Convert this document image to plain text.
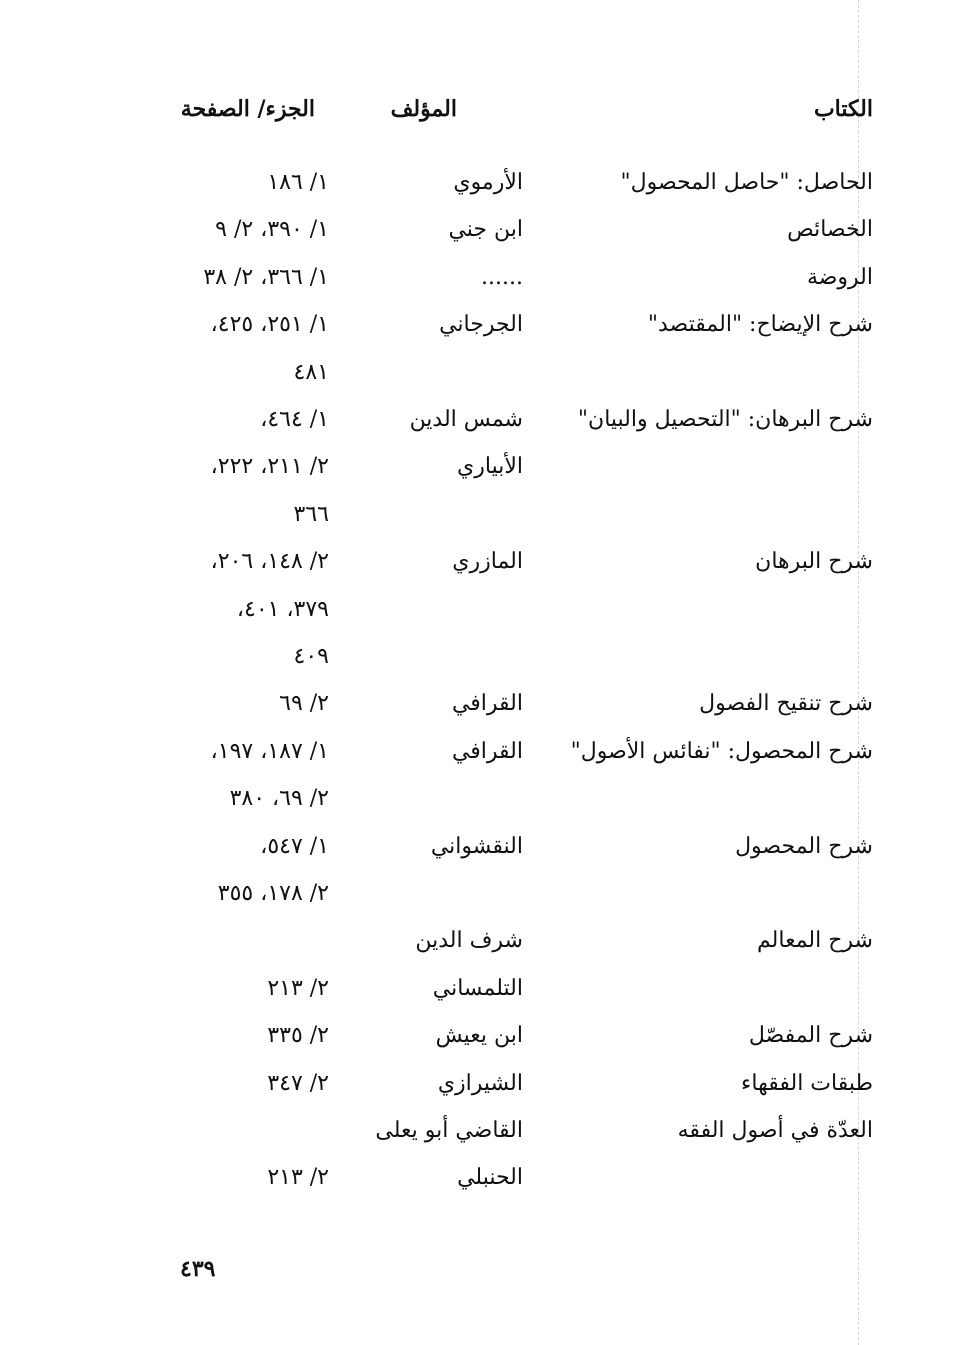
الكتاب
المؤلف
الجزء/ الصفحة
الحاصل: "حاصل المحصول"
الأرموي
١/ ١٨٦
الخصائص
ابن جني
١/ ٣٩٠، ٢/ ٩
الروضة
......
١/ ٣٦٦، ٢/ ٣٨
شرح الإيضاح: "المقتصد"
الجرجاني
١/ ٢٥١، ٤٢٥،
٤٨١
شرح البرهان: "التحصيل والبيان"
شمس الدين
١/ ٤٦٤،
الأبياري
٢/ ٢١١، ٢٢٢،
٣٦٦
شرح البرهان
المازري
٢/ ١٤٨، ٢٠٦،
٣٧٩، ٤٠١،
٤٠٩
شرح تنقيح الفصول
القرافي
٢/ ٦٩
شرح المحصول: "نفائس الأصول"
القرافي
١/ ١٨٧، ١٩٧،
٢/ ٦٩، ٣٨٠
شرح المحصول
النقشواني
١/ ٥٤٧،
٢/ ١٧٨، ٣٥٥
شرح المعالم
شرف الدين
التلمساني
٢/ ٢١٣
شرح المفصّل
ابن يعيش
٢/ ٣٣٥
طبقات الفقهاء
الشيرازي
٢/ ٣٤٧
العدّة في أصول الفقه
القاضي أبو يعلى
الحنبلي
٢/ ٢١٣
٤٣٩
